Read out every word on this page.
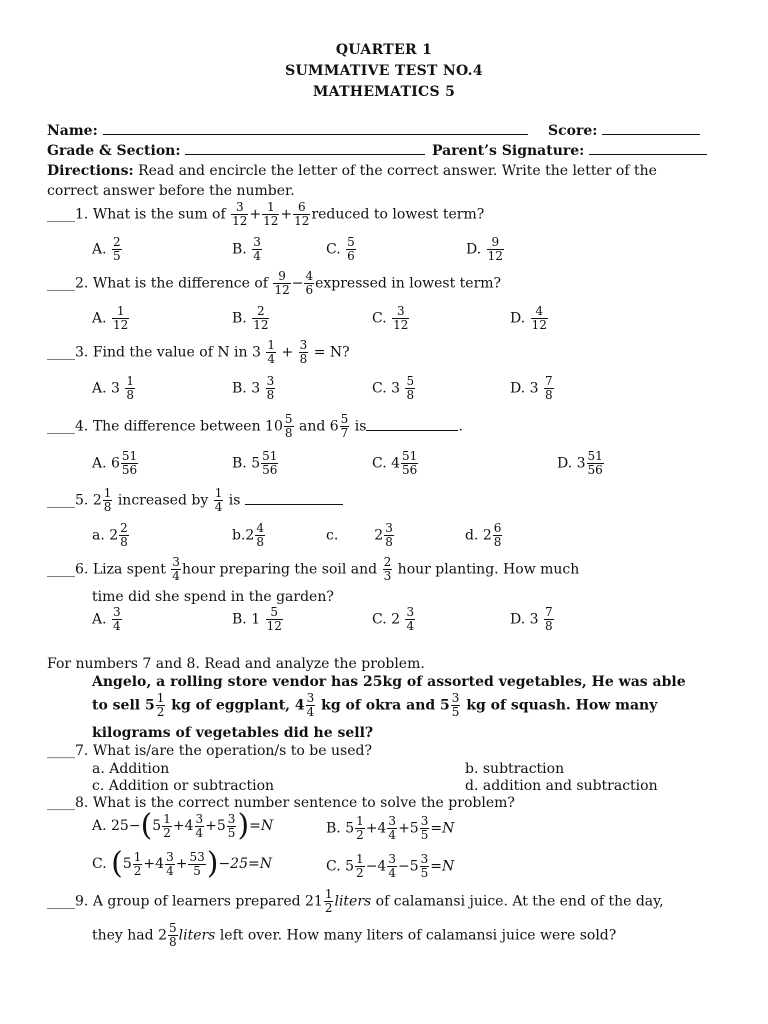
QUARTER 1
SUMMATIVE TEST NO.4
MATHEMATICS 5
Name:	Score:
Grade & Section:	Parent’s Signature:
Directions: Read and encircle the letter of the correct answer. Write the letter of the
correct answer before the number.
____1. What is the sum of $\frac{3}{12} + \frac{1}{12} + \frac{6}{12}$ reduced to lowest term?
A. $\frac{2}{5}$	B. $\frac{3}{4}$	C. $\frac{5}{6}$	D. $\frac{9}{12}$
____2. What is the difference of $\frac{9}{12} - \frac{4}{6}$ expressed in lowest term?
A. $\frac{1}{12}$	B. $\frac{2}{12}$	C. $\frac{3}{12}$	D. $\frac{4}{12}$
____3. Find the value of N in $3 \frac{1}{4} + \frac{3}{8} = N$?
A. $3 \frac{1}{8}$	B. $3 \frac{3}{8}$	C. $3 \frac{5}{8}$	D. $3 \frac{7}{8}$
____4. The difference between $10 \frac{5}{8}$ and $6 \frac{5}{7}$ is	.
A. $6 \frac{51}{56}$	B. $5 \frac{51}{56}$	C. $4 \frac{51}{56}$	D. $3 \frac{51}{56}$
____5. $2 \frac{1}{8}$ increased by $\frac{1}{4}$ is
a. $2 \frac{2}{8}$	$b.2 \frac{4}{8}$	c.	$2 \frac{3}{8}$	d. $2 \frac{6}{8}$
____6. Liza spent $\frac{3}{4}$ hour preparing the soil and $\frac{2}{3}$ hour planting. How much
time did she spend in the garden?
A. $\frac{3}{4}$	B. $1 \frac{5}{12}$	C. $2 \frac{3}{4}$	D. $3 \frac{7}{8}$
For numbers 7 and 8. Read and analyze the problem.
Angelo, a rolling store vendor has 25kg of assorted vegetables, He was able
to sell $5 \frac{1}{2}$ kg of eggplant, $4 \frac{3}{4}$ kg of okra and $5 \frac{3}{5}$ kg of squash. How many
kilograms of vegetables did he sell?
____7. What is/are the operation/s to be used?
a. Addition	b. subtraction
c. Addition or subtraction	d. addition and subtraction
____8. What is the correct number sentence to solve the problem?
A. $25-(5 \frac{1}{2} +4 \frac{3}{4} +5 \frac{3}{5} )=N$	B. $5 \frac{1}{2} +4 \frac{3}{4} +5 \frac{3}{5} =N$
C. $(5 \frac{1}{2} +4 \frac{3}{4} + \frac{53}{5} )-25=N$	C. $5 \frac{1}{2} -4 \frac{3}{4} -5 \frac{3}{5} =N$
____9. A group of learners prepared $21 \frac{1}{2}$ liters of calamansi juice. At the end of the day,
they had $2 \frac{5}{8}$ liters left over. How many liters of calamansi juice were sold?
